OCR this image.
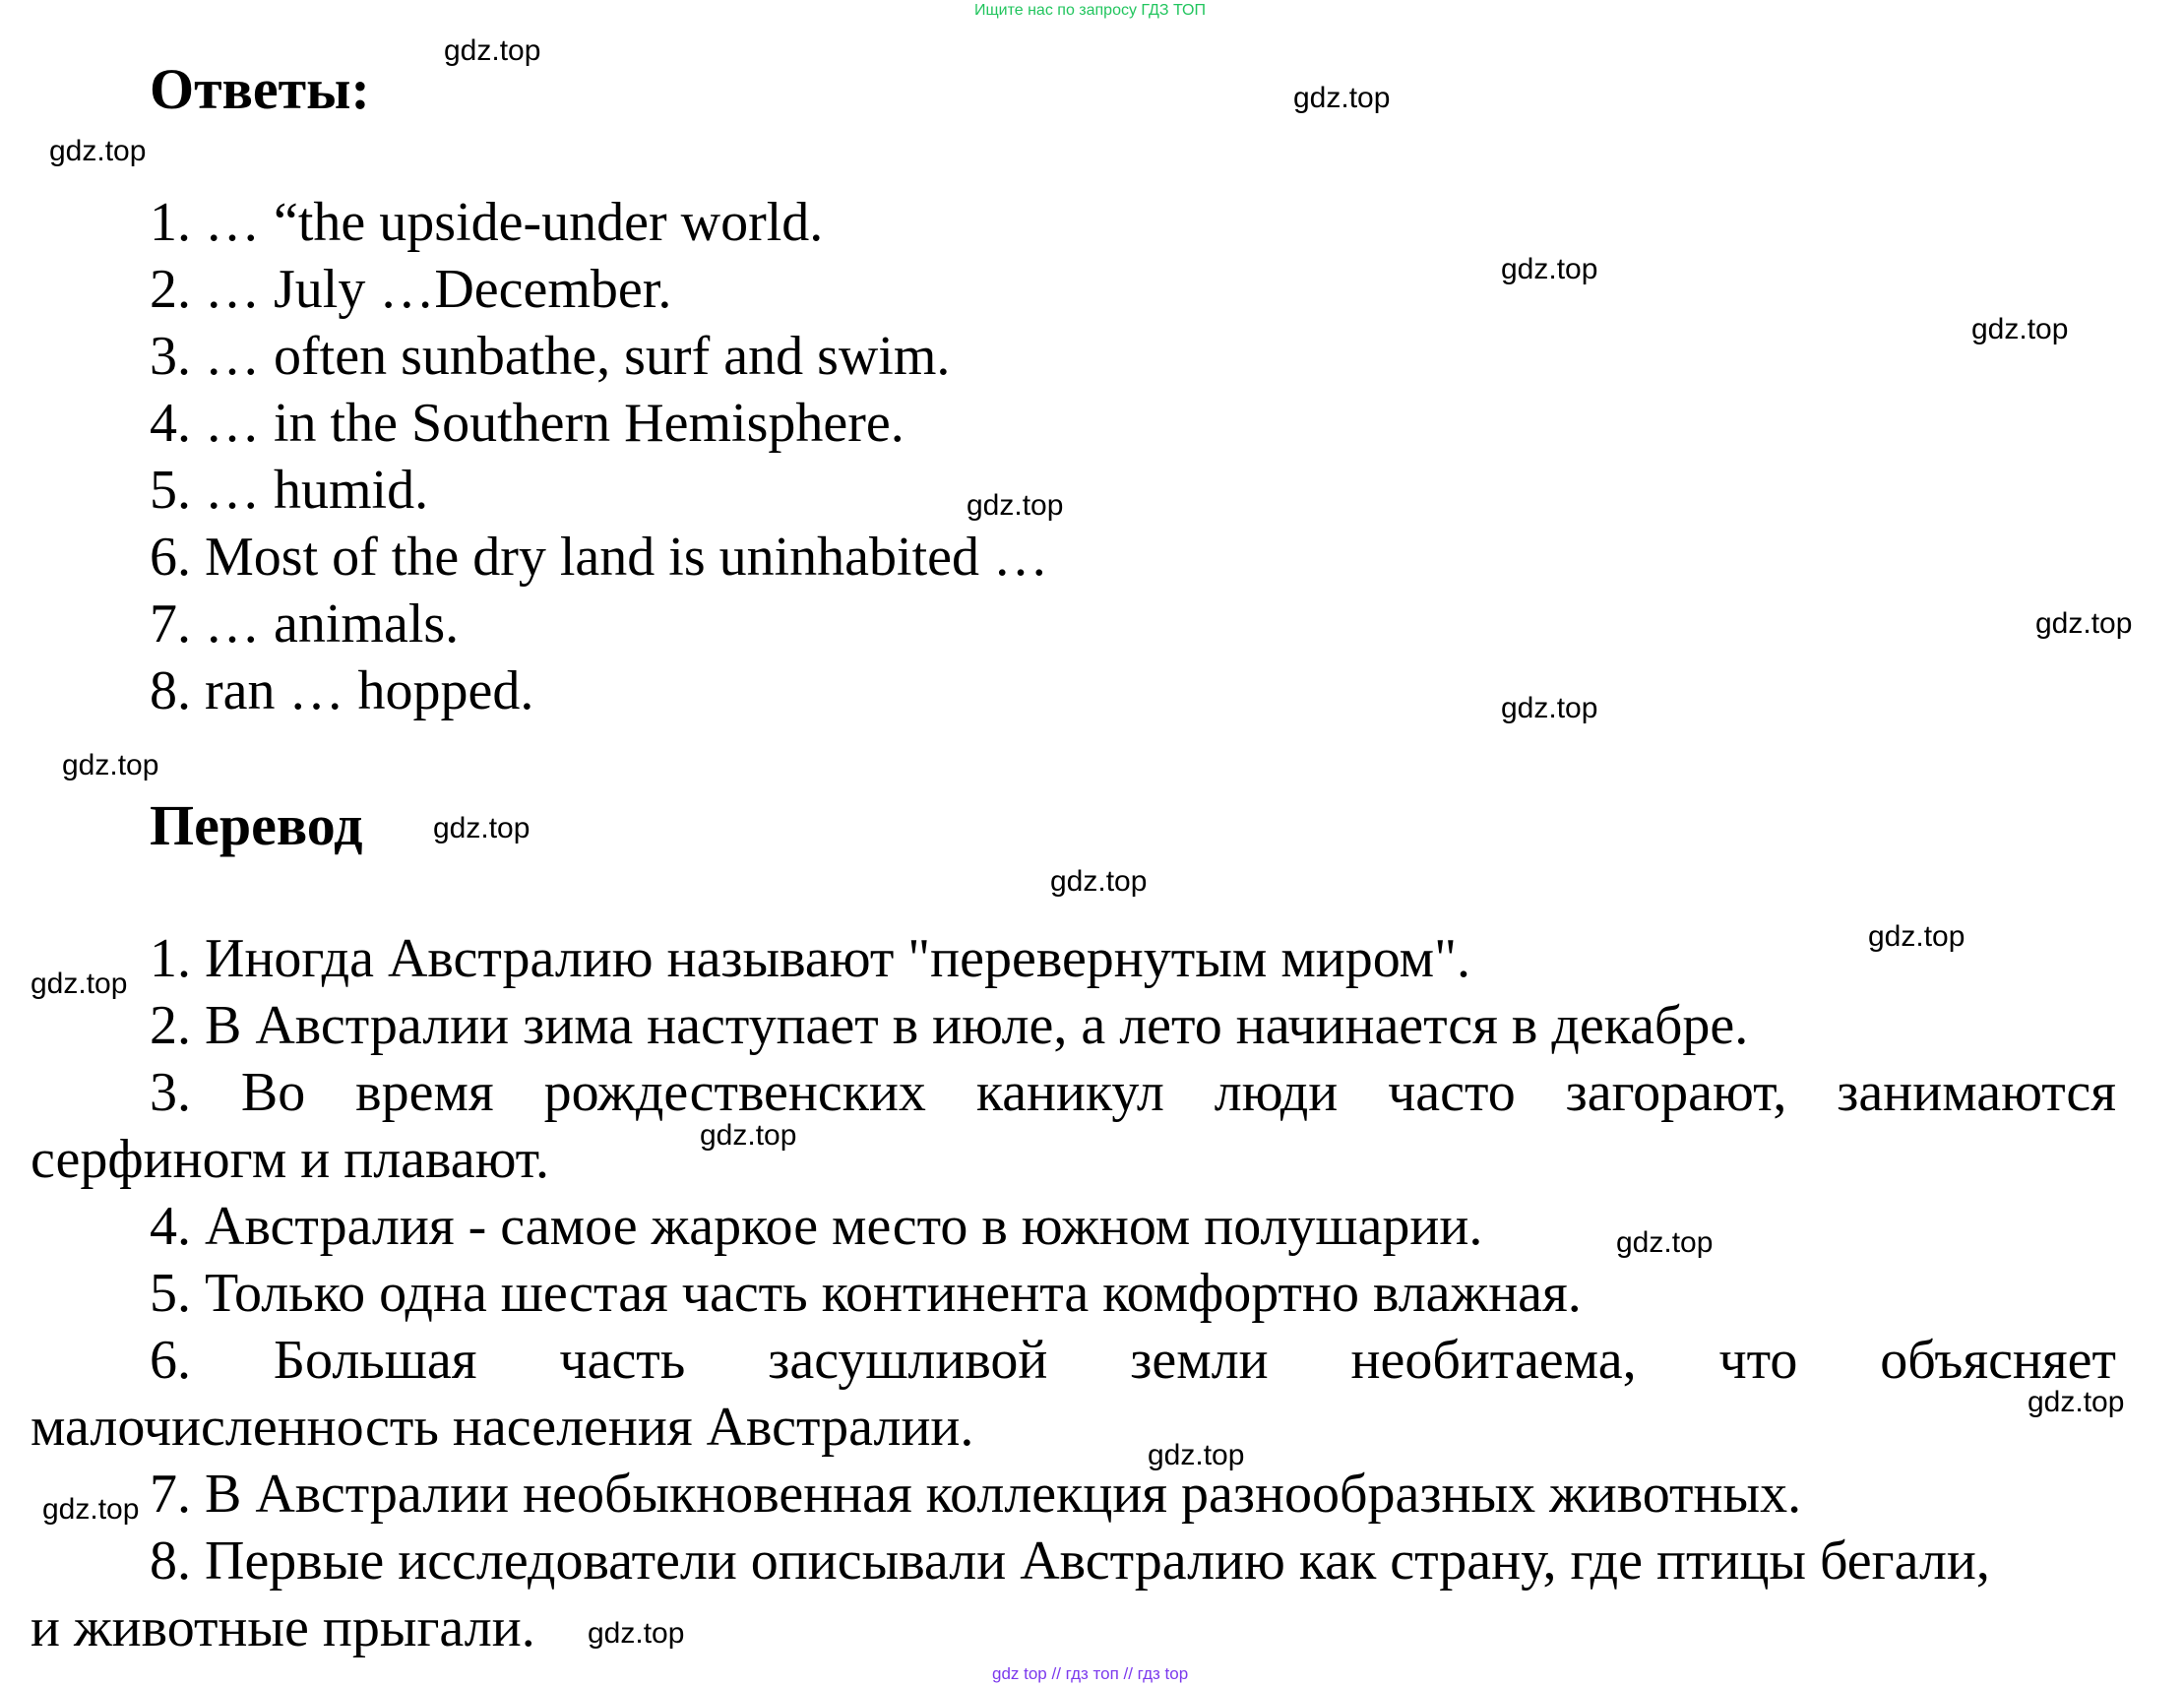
Ищите нас по запросу ГДЗ ТОП
Ответы:
1. … “the upside-under world.
2. … July …December.
3. … often sunbathe, surf and swim.
4. … in the Southern Hemisphere.
5. … humid.
6. Most of the dry land is uninhabited …
7. … animals.
8. ran … hopped.
Перевод
1. Иногда Австралию называют "перевернутым миром".
2. В Австралии зима наступает в июле, а лето начинается в декабре.
3. Во время рождественских каникул люди часто загорают, занимаются
серфиногм и плавают.
4. Австралия - самое жаркое место в южном полушарии.
5. Только одна шестая часть континента комфортно влажная.
6. Большая часть засушливой земли необитаема, что объясняет
малочисленность населения Австралии.
7. В Австралии необыкновенная коллекция разнообразных животных.
8. Первые исследователи описывали Австралию как страну, где птицы бегали,
и животные прыгали.
gdz.top
gdz.top
gdz.top
gdz.top
gdz.top
gdz.top
gdz.top
gdz.top
gdz.top
gdz.top
gdz.top
gdz.top
gdz.top
gdz.top
gdz.top
gdz.top
gdz.top
gdz.top
gdz.top
gdz top // гдз топ // гдз top
